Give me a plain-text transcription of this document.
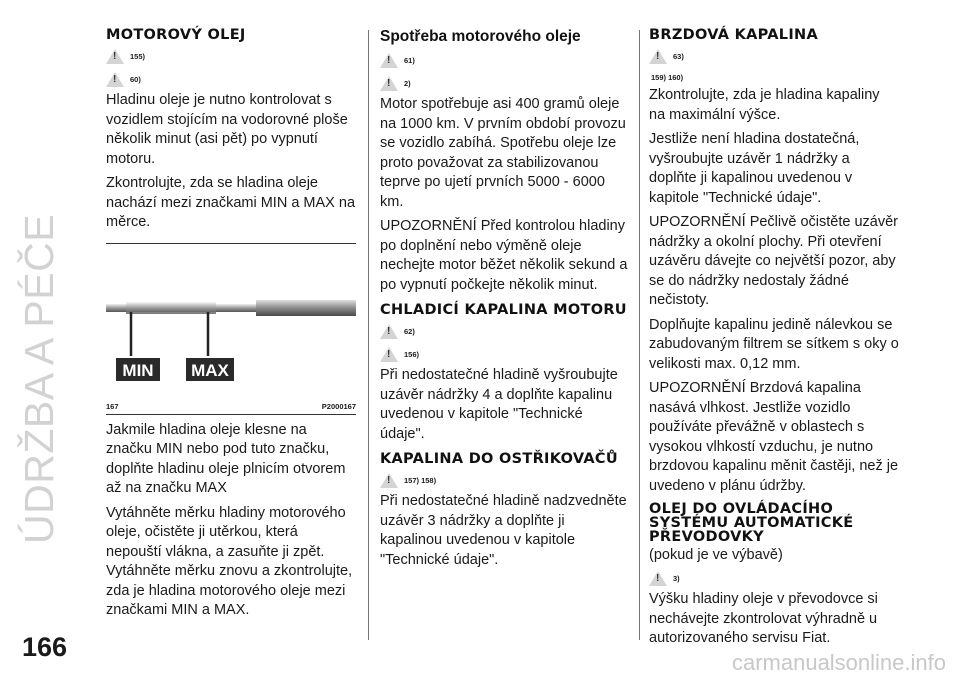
ÚDRŽBA A PÉČE
MOTOROVÝ OLEJ
!
155)
!
60)

Hladinu oleje je nutno kontrolovat s vozidlem stojícím na vodorovné ploše několik minut (asi pět) po vypnutí motoru.

Zkontrolujte, zda se hladina oleje nachází mezi značkami MIN a MAX na měrce.

MIN MAX
167	P2000167

Jakmile hladina oleje klesne na značku MIN nebo pod tuto značku, doplňte hladinu oleje plnicím otvorem až na značku MAX

Vytáhněte měrku hladiny motorového oleje, očistěte ji utěrkou, která nepouští vlákna, a zasuňte ji zpět. Vytáhněte měrku znovu a zkontrolujte, zda je hladina motorového oleje mezi značkami MIN a MAX.

Spotřeba motorového oleje
!
61)
!
2)

Motor spotřebuje asi 400 gramů oleje na 1000 km. V prvním období provozu se vozidlo zabíhá. Spotřebu oleje lze proto považovat za stabilizovanou teprve po ujetí prvních 5000 - 6000 km.

UPOZORNĚNÍ Před kontrolou hladiny po doplnění nebo výměně oleje nechejte motor běžet několik sekund a po vypnutí počkejte několik minut.

CHLADICÍ KAPALINA MOTORU
!
62)
!
156)

Při nedostatečné hladině vyšroubujte uzávěr nádržky 4 a doplňte kapalinu uvedenou v kapitole "Technické údaje".

KAPALINA DO OSTŘIKOVAČŮ
!
157) 158)

Při nedostatečné hladině nadzvedněte uzávěr 3 nádržky a doplňte ji kapalinou uvedenou v kapitole "Technické údaje".

BRZDOVÁ KAPALINA
!
63)
159) 160)

Zkontrolujte, zda je hladina kapaliny na maximální výšce.

Jestliže není hladina dostatečná, vyšroubujte uzávěr 1 nádržky a doplňte ji kapalinou uvedenou v kapitole "Technické údaje".

UPOZORNĚNÍ Pečlivě očistěte uzávěr nádržky a okolní plochy. Při otevření uzávěru dávejte co největší pozor, aby se do nádržky nedostaly žádné nečistoty.

Doplňujte kapalinu jedině nálevkou se zabudovaným filtrem se sítkem s oky o velikosti max. 0,12 mm.

UPOZORNĚNÍ Brzdová kapalina nasává vlhkost. Jestliže vozidlo používáte převážně v oblastech s vysokou vlhkostí vzduchu, je nutno brzdovou kapalinu měnit častěji, než je uvedeno v plánu údržby.

OLEJ DO OVLÁDACÍHO SYSTÉMU AUTOMATICKÉ PŘEVODOVKY
(pokud je ve výbavě)
!
3)

Výšku hladiny oleje v převodovce si nechávejte zkontrolovat výhradně u autorizovaného servisu Fiat.

166
carmanualsonline.info
